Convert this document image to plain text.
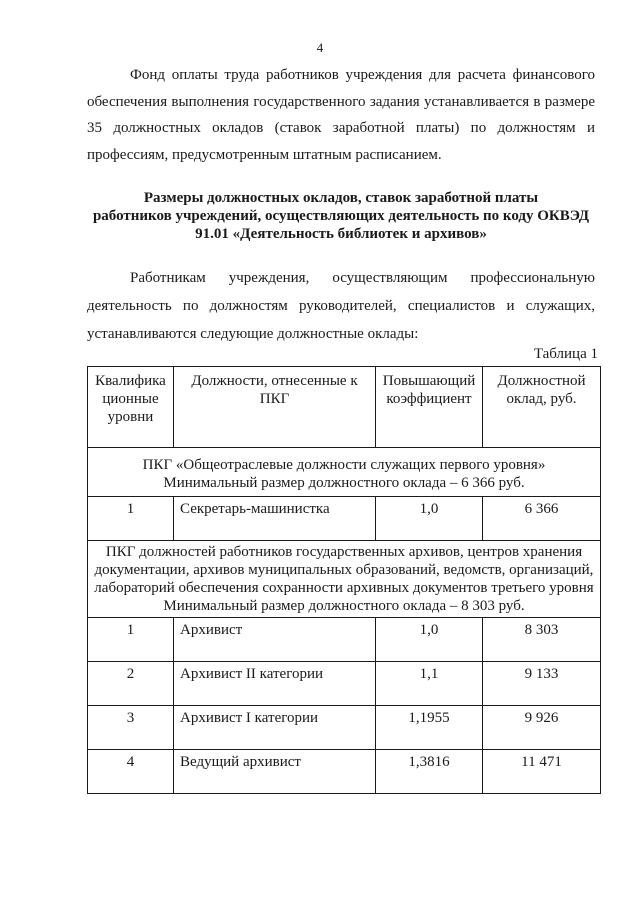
4

Фонд оплаты труда работников учреждения для расчета финансового обеспечения выполнения государственного задания устанавливается в размере 35 должностных окладов (ставок заработной платы) по должностям и профессиям, предусмотренным штатным расписанием.

Размеры должностных окладов, ставок заработной платы
работников учреждений, осуществляющих деятельность по коду ОКВЭД
91.01 «Деятельность библиотек и архивов»

Работникам учреждения, осуществляющим профессиональную деятельность по должностям руководителей, специалистов и служащих, устанавливаются следующие должностные оклады:

Таблица 1
Квалифика ционные уровни	Должности, отнесенные к ПКГ	Повышающий коэффициент	Должностной оклад, руб.

ПКГ «Общеотраслевые должности служащих первого уровня»
Минимальный размер должностного оклада – 6 366 руб.			

1	Секретарь-машинистка	1,0	6 366

ПКГ должностей работников государственных архивов, центров хранения
документации, архивов муниципальных образований, ведомств, организаций,
лабораторий обеспечения сохранности архивных документов третьего уровня
Минимальный размер должностного оклада – 8 303 руб.			

1	Архивист	1,0	8 303
2	Архивист II категории	1,1	9 133
3	Архивист I категории	1,1955	9 926
4	Ведущий архивист	1,3816	11 471
